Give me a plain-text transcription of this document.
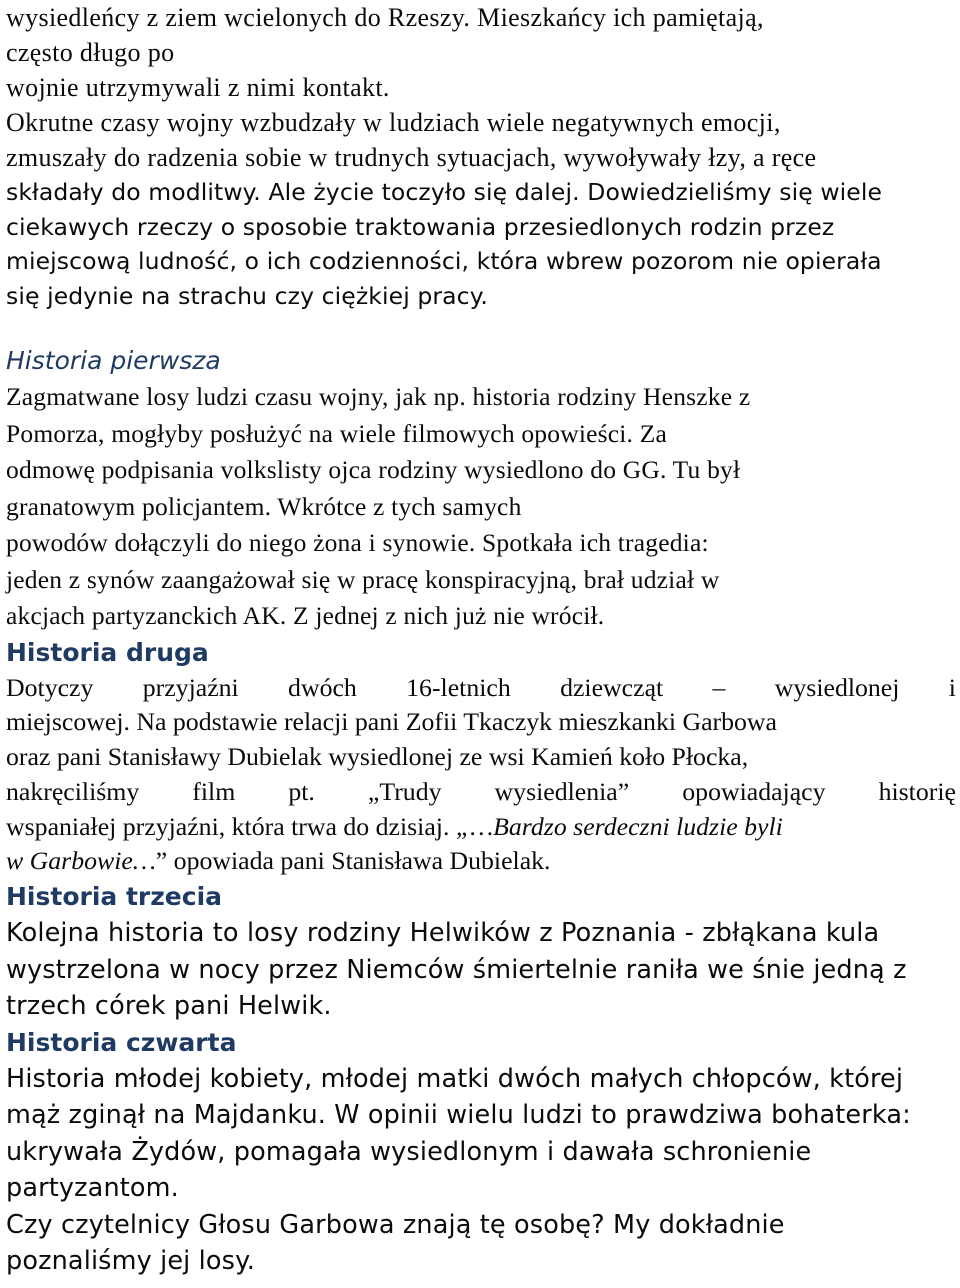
wysiedleńcy z ziem wcielonych do Rzeszy. Mieszkańcy ich pamiętają,
często długo po
wojnie utrzymywali z nimi kontakt.
Okrutne czasy wojny wzbudzały w ludziach wiele negatywnych emocji,
zmuszały do radzenia sobie w trudnych sytuacjach, wywoływały łzy, a ręce
składały do modlitwy. Ale życie toczyło się dalej. Dowiedzieliśmy się wiele
ciekawych rzeczy o sposobie traktowania przesiedlonych rodzin przez
miejscową ludność, o ich codzienności, która wbrew pozorom nie opierała
się jedynie na strachu czy ciężkiej pracy.
Historia pierwsza
Zagmatwane losy ludzi czasu wojny, jak np. historia rodziny Henszke z
Pomorza, mogłyby posłużyć na wiele filmowych opowieści. Za
odmowę podpisania volkslisty ojca rodziny wysiedlono do GG. Tu był
granatowym policjantem. Wkrótce z tych samych
powodów dołączyli do niego żona i synowie. Spotkała ich tragedia:
jeden z synów zaangażował się w pracę konspiracyjną, brał udział w
akcjach partyzanckich AK. Z jednej z nich już nie wrócił.
Historia druga
Dotyczy przyjaźni dwóch 16-letnich dziewcząt – wysiedlonej i
miejscowej. Na podstawie relacji pani Zofii Tkaczyk mieszkanki Garbowa
oraz pani Stanisławy Dubielak wysiedlonej ze wsi Kamień koło Płocka,
nakręciliśmy film pt. „Trudy wysiedlenia” opowiadający historię
wspaniałej przyjaźni, która trwa do dzisiaj. „…Bardzo serdeczni ludzie byli
w Garbowie…” opowiada pani Stanisława Dubielak.
Historia trzecia
Kolejna historia to losy rodziny Helwików z Poznania - zbłąkana kula
wystrzelona w nocy przez Niemców śmiertelnie raniła we śnie jedną z
trzech córek pani Helwik.
Historia czwarta
Historia młodej kobiety, młodej matki dwóch małych chłopców, której
mąż zginął na Majdanku. W opinii wielu ludzi to prawdziwa bohaterka:
ukrywała Żydów, pomagała wysiedlonym i dawała schronienie
partyzantom.
Czy czytelnicy Głosu Garbowa znają tę osobę? My dokładnie
poznaliśmy jej losy.
